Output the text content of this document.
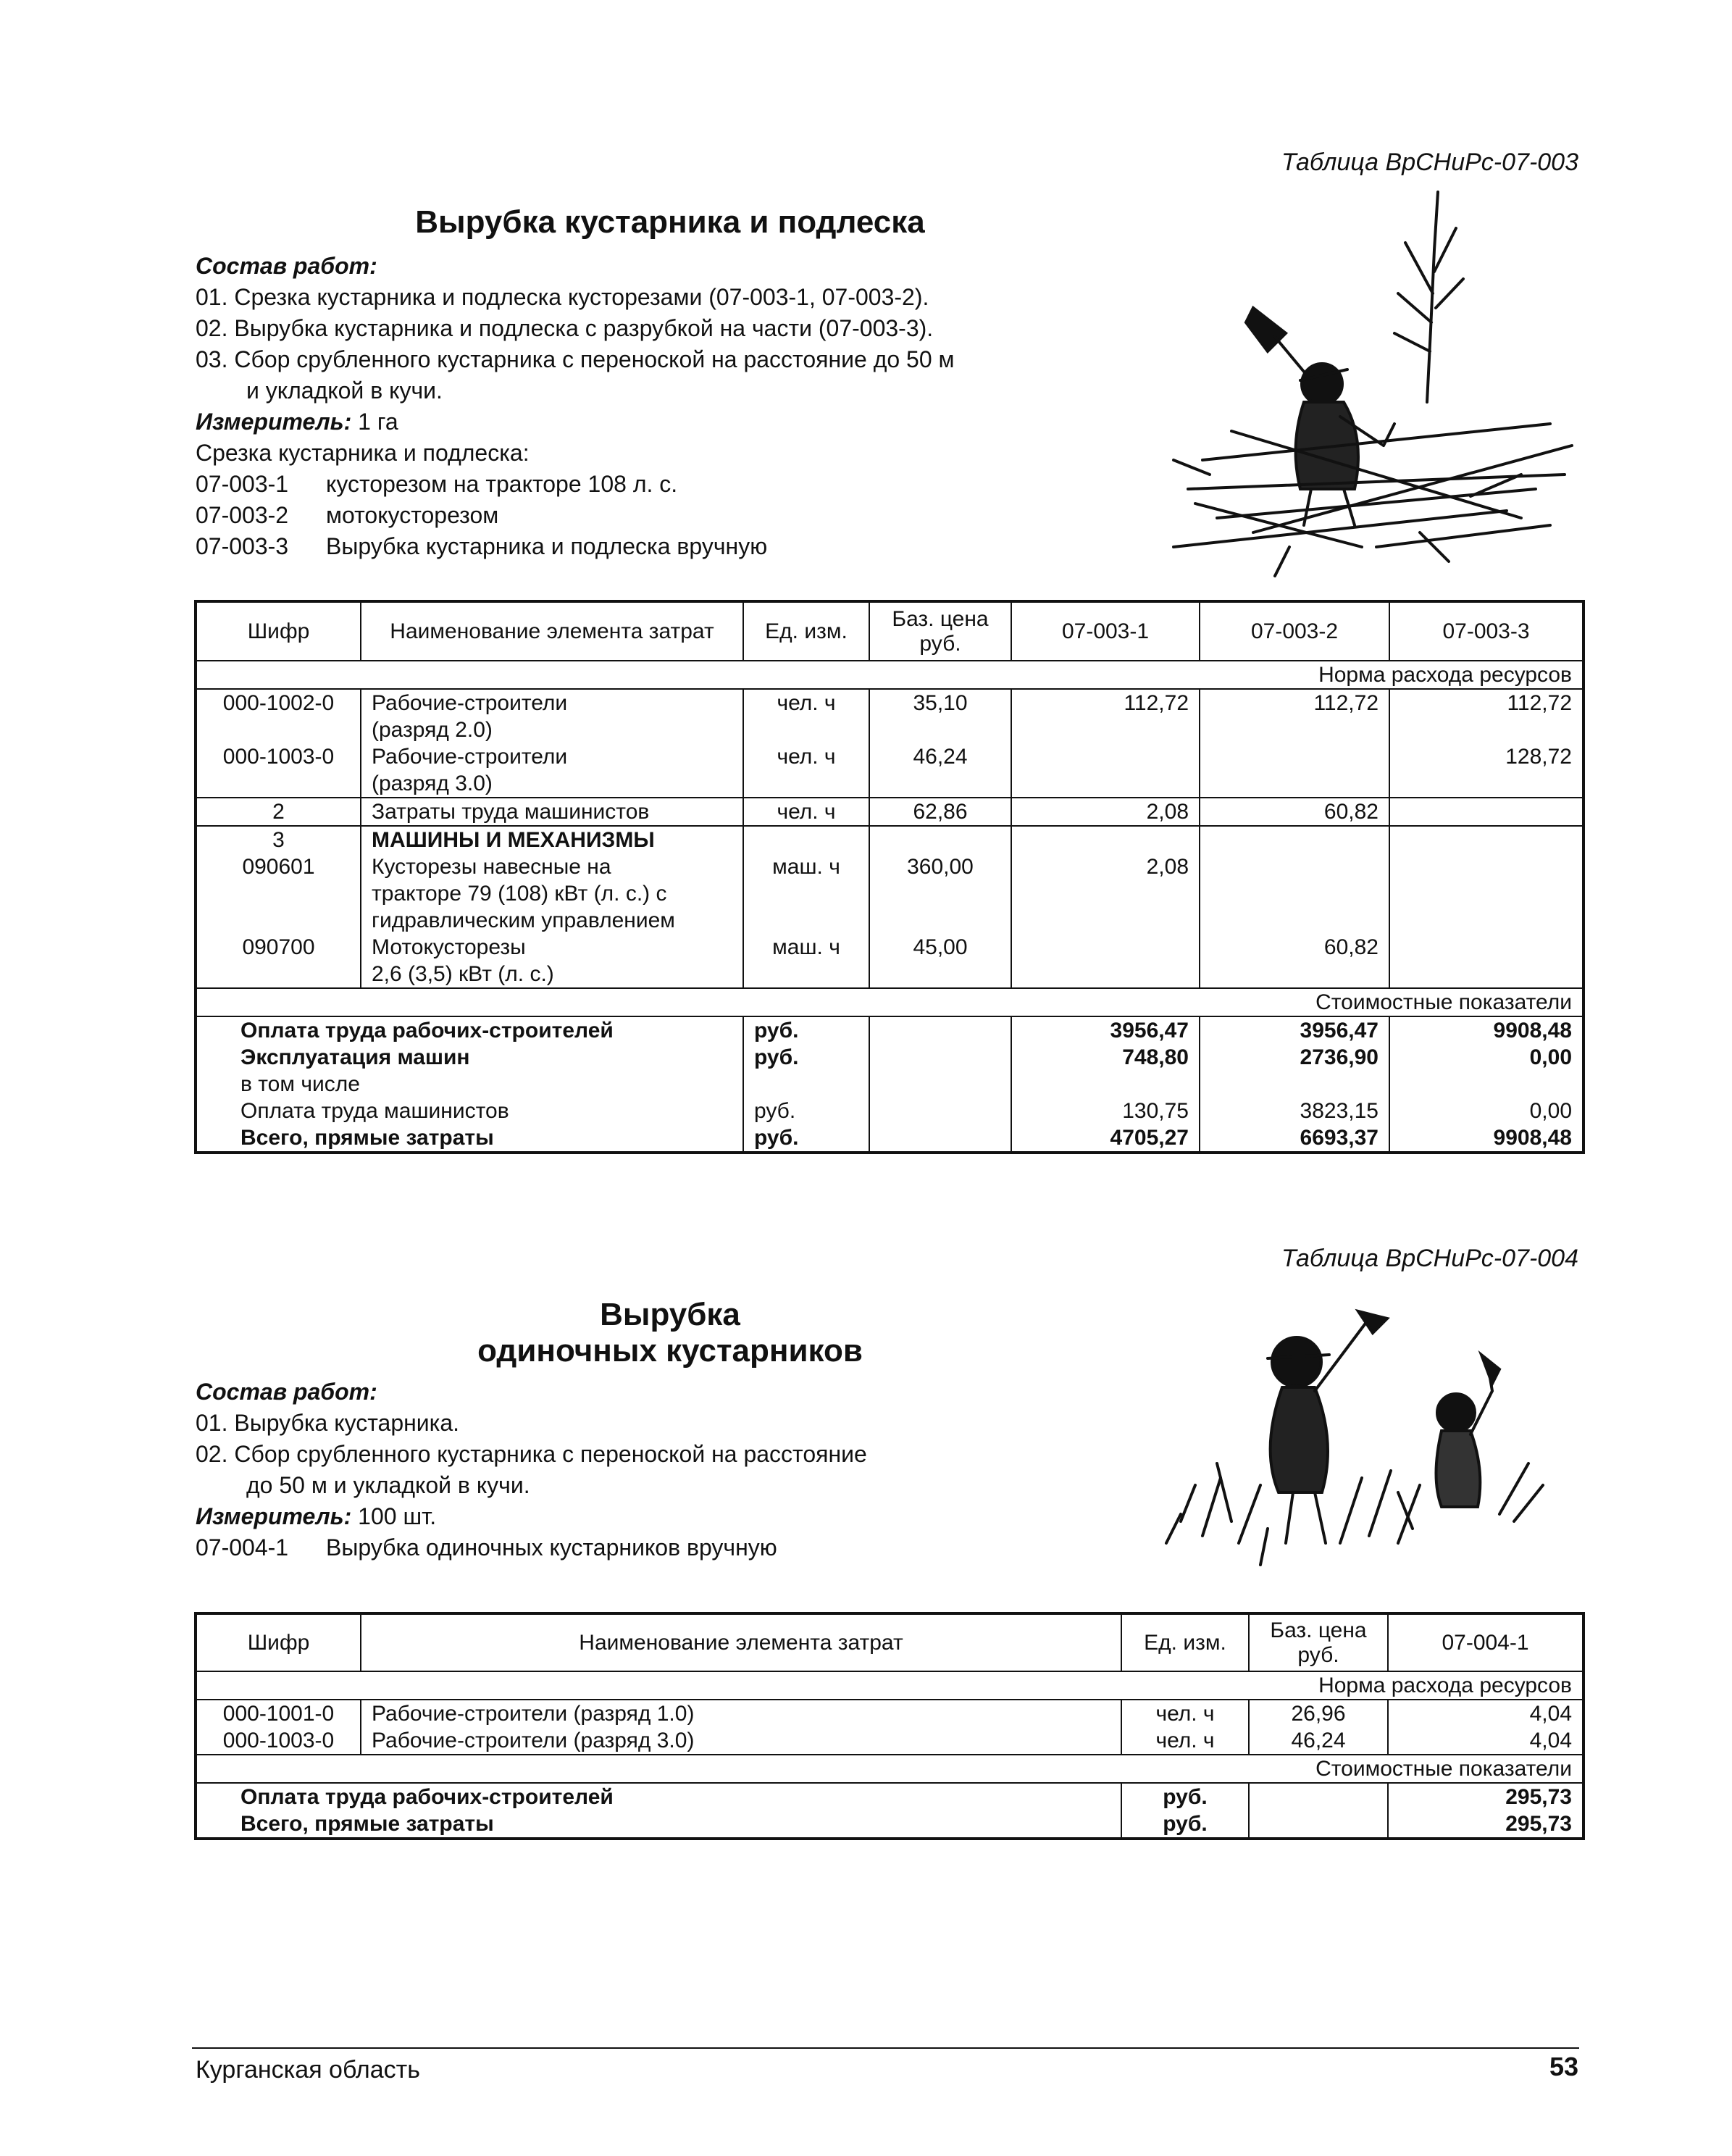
Таблица ВрСНиРс-07-003
Вырубка кустарника и подлеска
Состав работ:
01. Срезка кустарника и подлеска кусторезами (07-003-1, 07-003-2).
02. Вырубка кустарника и подлеска с разрубкой на части (07-003-3).
03. Сбор срубленного кустарника с переноской на расстояние до 50 м
и укладкой в кучи.
Измеритель: 1 га
Срезка кустарника и подлеска:
07-003-1 кусторезом на тракторе 108 л. с.
07-003-2 мотокусторезом
07-003-3 Вырубка кустарника и подлеска вручную
Шифр	Наименование элемента затрат	Ед. изм.	Баз. цена руб.	07-003-1	07-003-2	07-003-3
Норма расхода ресурсов						
000-1002-0	Рабочие-строители
(разряд 2.0)	чел. ч	35,10	112,72	112,72	112,72
000-1003-0	Рабочие-строители
(разряд 3.0)	чел. ч	46,24			128,72
2	Затраты труда машинистов	чел. ч	62,86	2,08	60,82	
3	МАШИНЫ И МЕХАНИЗМЫ					
090601	Кусторезы навесные на
тракторе 79 (108) кВт (л. с.) с
гидравлическим управлением	маш. ч	360,00	2,08		
090700	Мотокусторезы
2,6 (3,5) кВт (л. с.)	маш. ч	45,00		60,82	
Стоимостные показатели						
Оплата труда рабочих-строителей		руб.		3956,47	3956,47	9908,48
Эксплуатация машин		руб.		748,80	2736,90	0,00
в том числе						
Оплата труда машинистов		руб.		130,75	3823,15	0,00
Всего, прямые затраты		руб.		4705,27	6693,37	9908,48
Таблица ВрСНиРс-07-004
Вырубка
одиночных кустарников
Состав работ:
01. Вырубка кустарника.
02. Сбор срубленного кустарника с переноской на расстояние
до 50 м и укладкой в кучи.
Измеритель: 100 шт.
07-004-1 Вырубка одиночных кустарников вручную
Шифр	Наименование элемента затрат	Ед. изм.	Баз. цена руб.	07-004-1
Норма расхода ресурсов				
000-1001-0	Рабочие-строители (разряд 1.0)	чел. ч	26,96	4,04
000-1003-0	Рабочие-строители (разряд 3.0)	чел. ч	46,24	4,04
Стоимостные показатели				
Оплата труда рабочих-строителей		руб.		295,73
Всего, прямые затраты		руб.		295,73
Курганская область	53
